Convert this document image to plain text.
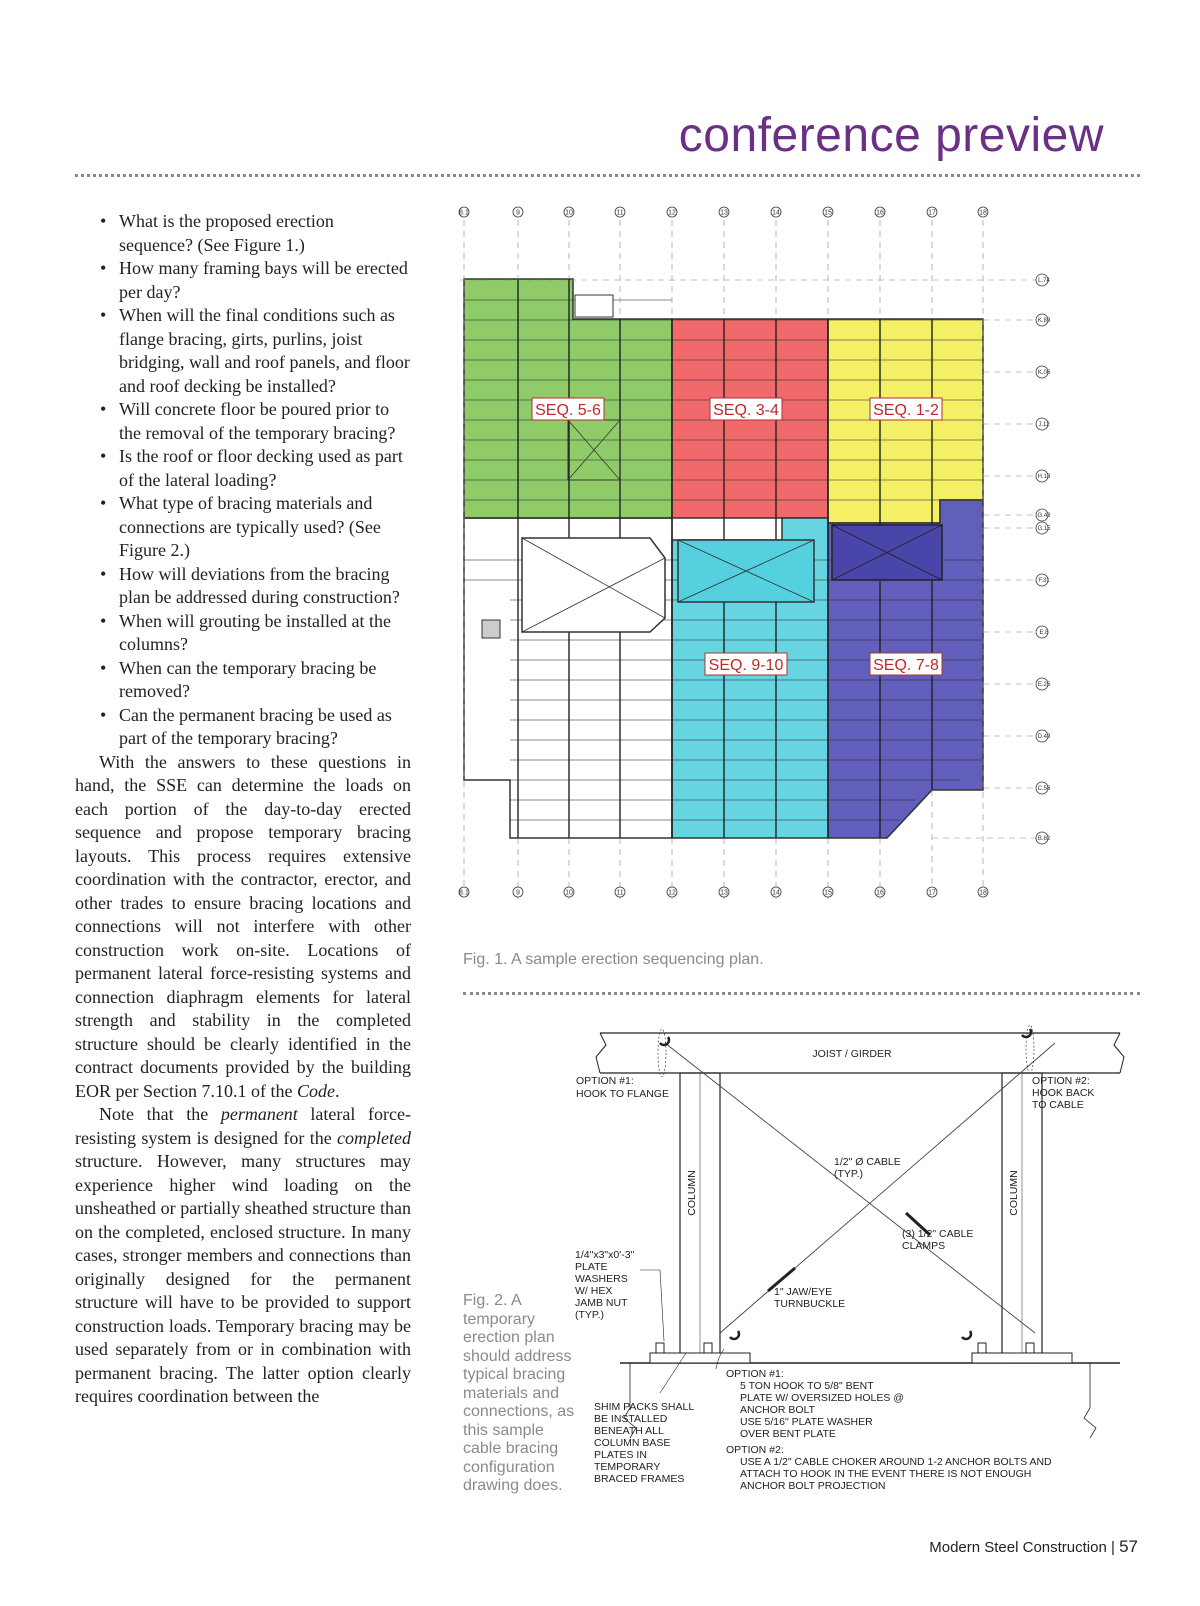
conference preview
• What is the proposed erection sequence? (See Figure 1.)
• How many framing bays will be erected per day?
• When will the final conditions such as flange bracing, girts, purlins, joist bridging, wall and roof panels, and floor and roof decking be installed?
• Will concrete floor be poured prior to the removal of the temporary bracing?
• Is the roof or floor decking used as part of the lateral loading?
• What type of bracing materials and connections are typically used? (See Figure 2.)
• How will deviations from the bracing plan be addressed during construction?
• When will grouting be installed at the columns?
• When can the temporary bracing be removed?
• Can the permanent bracing be used as part of the temporary bracing?

With the answers to these questions in hand, the SSE can determine the loads on each portion of the day-to-day erected sequence and propose temporary bracing layouts. This process requires extensive coordination with the contractor, erector, and other trades to ensure bracing locations and connections will not interfere with other construction work on-site. Locations of permanent lateral force-resisting systems and connection diaphragm elements for lateral strength and stability in the completed structure should be clearly identified in the contract documents provided by the building EOR per Section 7.10.1 of the Code.

Note that the permanent lateral force-resisting system is designed for the completed structure. However, many structures may experience higher wind loading on the unsheathed or partially sheathed structure than on the completed, enclosed structure. In many cases, stronger members and connections than originally designed for the permanent structure will have to be provided to support construction loads. Temporary bracing may be used separately from or in combination with permanent bracing. The latter option clearly requires coordination between the

SEQ. 5-6	SEQ. 3-4	SEQ. 1-2
SEQ. 9-10	SEQ. 7-8
8.1	9	10	11	12	13	14	15	16	17	18
8.1	9	10	11	12	13	14	15	16	17	18
L.74
K.89
K.06
J.12
H.18
G.43
G.15
F.31
E.8
E.25
D.49
C.56
B.62
Fig. 1. A sample erection sequencing plan.
JOIST / GIRDER
COLUMN	COLUMN
OPTION #1:
HOOK TO FLANGE
OPTION #2:
HOOK BACK
TO CABLE
1/2" Ø CABLE
(TYP.)
(3) 1/2" CABLE
CLAMPS
1/4"x3"x0'-3"
PLATE
WASHERS
W/ HEX
JAMB NUT
(TYP.)
1" JAW/EYE
TURNBUCKLE
SHIM PACKS SHALL
BE INSTALLED
BENEATH ALL
COLUMN BASE
PLATES IN
TEMPORARY
BRACED FRAMES
OPTION #1:
5 TON HOOK TO 5/8" BENT
PLATE W/ OVERSIZED HOLES @
ANCHOR BOLT
USE 5/16" PLATE WASHER
OVER BENT PLATE
OPTION #2:
USE A 1/2" CABLE CHOKER AROUND 1-2 ANCHOR BOLTS AND
ATTACH TO HOOK IN THE EVENT THERE IS NOT ENOUGH
ANCHOR BOLT PROJECTION
Fig. 2. A temporary erection plan should address typical bracing materials and connections, as this sample cable bracing configuration drawing does.
Modern Steel Construction | 57
